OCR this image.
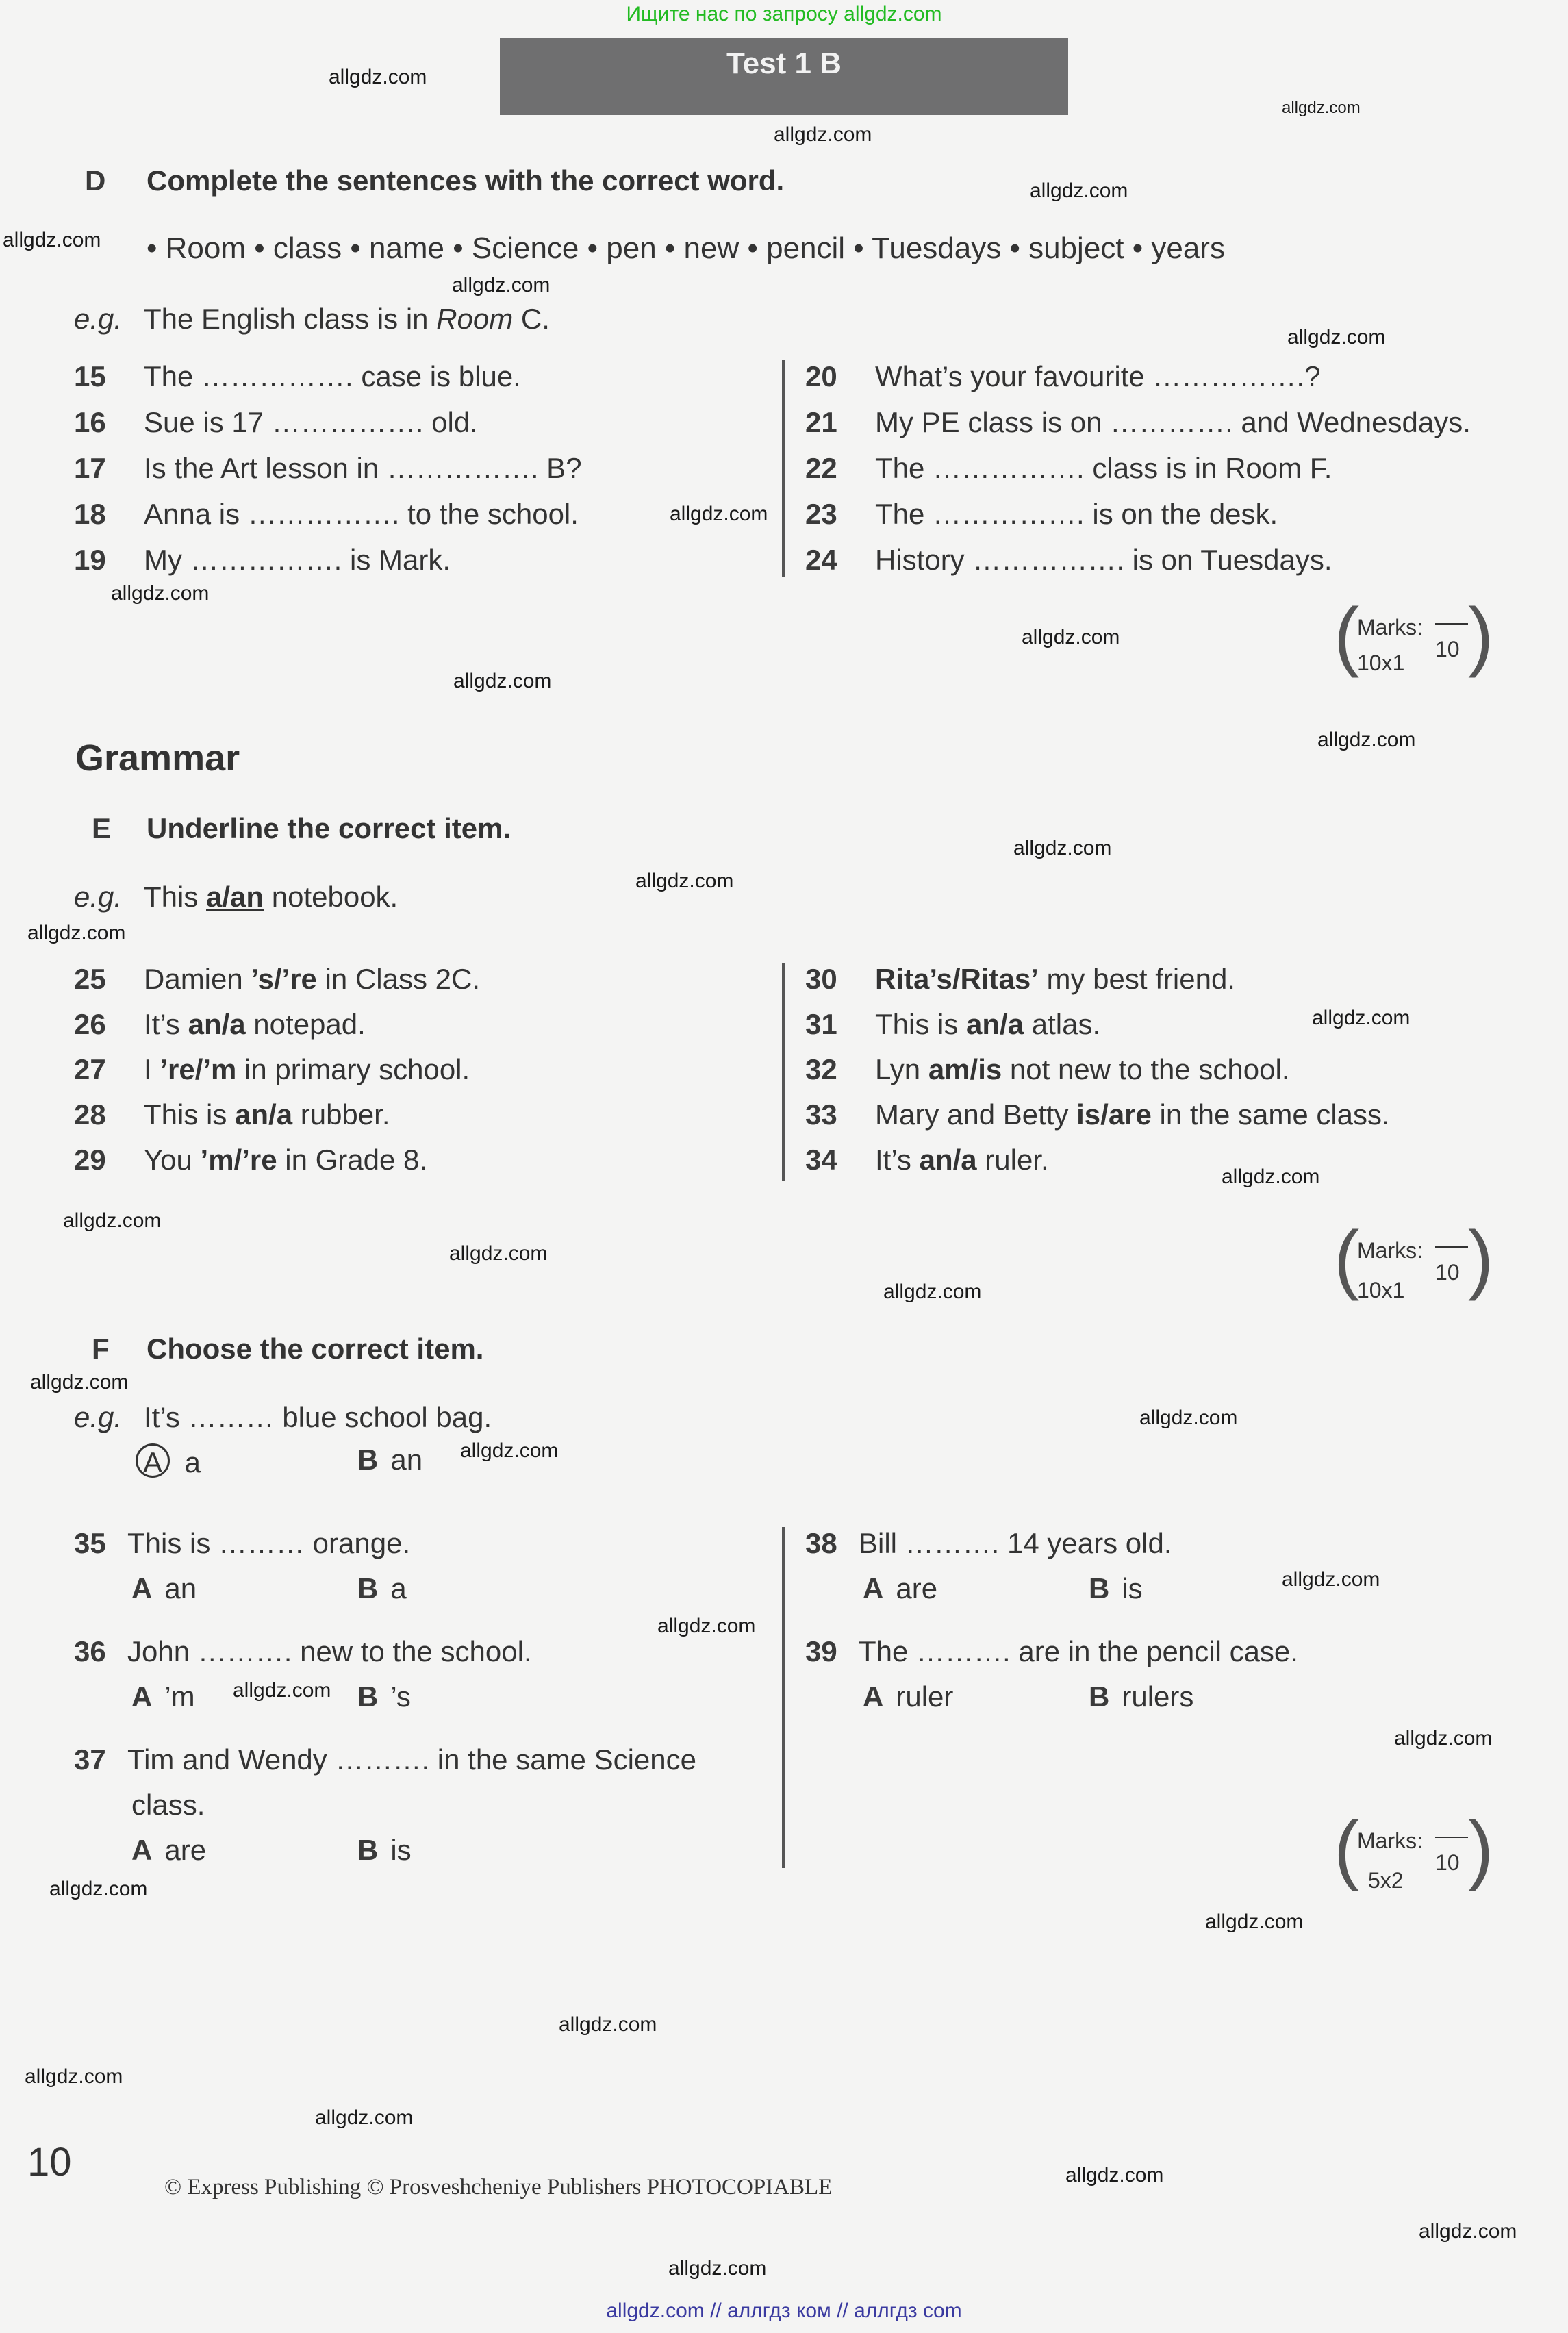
Ищите нас по запросу allgdz.com
Test 1 B
D Complete the sentences with the correct word.
• Room • class • name • Science • pen • new • pencil • Tuesdays • subject • years
e.g. The English class is in Room C.
15 The ……………. case is blue.
16 Sue is 17 ……………. old.
17 Is the Art lesson in ……………. B?
18 Anna is ……………. to the school.
19 My ……………. is Mark.
20 What’s your favourite …………….?
21 My PE class is on …………. and Wednesdays.
22 The ……………. class is in Room F.
23 The ……………. is on the desk.
24 History ……………. is on Tuesdays.
(
Marks:
10
10x1 )
Grammar
E Underline the correct item.
e.g. This a/an notebook.
25 Damien ’s/’re in Class 2C.
26 It’s an/a notepad.
27 I ’re/’m in primary school.
28 This is an/a rubber.
29 You ’m/’re in Grade 8.
30 Rita’s/Ritas’ my best friend.
31 This is an/a atlas.
32 Lyn am/is not new to the school.
33 Mary and Betty is/are in the same class.
34 It’s an/a ruler.
(
Marks:
10
10x1 )
F Choose the correct item.
e.g. It’s ……… blue school bag.
A a	B an
35 This is ……… orange.
A an	B a
36 John ………. new to the school.
A ’m	B ’s
37 Tim and Wendy ………. in the same Science
class.
A are	B is
38 Bill ………. 14 years old.
A are	B is
39 The ………. are in the pencil case.
A ruler	B rulers
(
Marks:
10
5x2 )
10
© Express Publishing © Prosveshcheniye Publishers PHOTOCOPIABLE
allgdz.com
allgdz.com
allgdz.com
allgdz.com
allgdz.com
allgdz.com
allgdz.com
allgdz.com
allgdz.com
allgdz.com
allgdz.com
allgdz.com
allgdz.com
allgdz.com
allgdz.com
allgdz.com
allgdz.com
allgdz.com
allgdz.com
allgdz.com
allgdz.com
allgdz.com
allgdz.com
allgdz.com
allgdz.com
allgdz.com
allgdz.com
allgdz.com
allgdz.com
allgdz.com
allgdz.com
allgdz.com
allgdz.com
allgdz.com
allgdz.com
allgdz.com // аллгдз ком // аллгдз com
